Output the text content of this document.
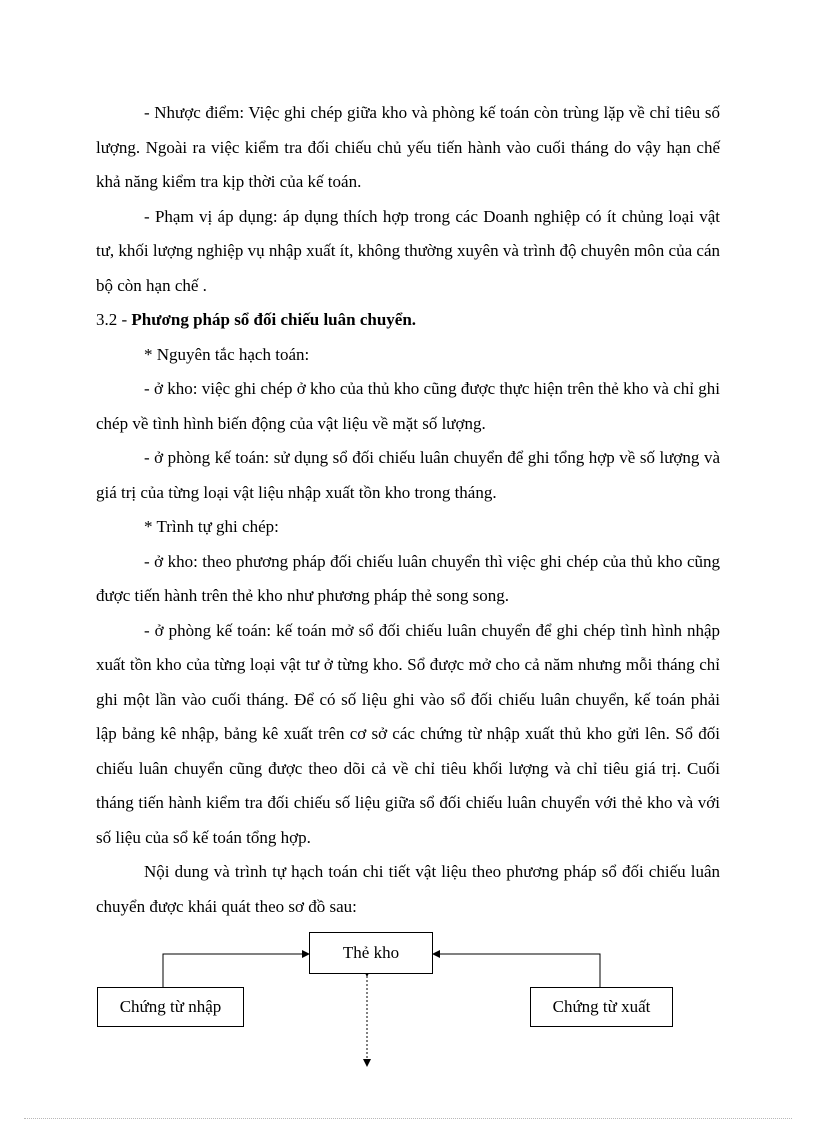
- Nhược điểm: Việc ghi chép giữa kho và phòng kế toán còn trùng lặp về chỉ tiêu số lượng. Ngoài ra việc kiểm tra đối chiếu chủ yếu tiến hành vào cuối tháng do vậy hạn chế khả năng kiểm tra kịp thời của kế toán.

- Phạm vị áp dụng: áp dụng thích hợp trong các Doanh nghiệp có ít chủng loại vật tư, khối lượng nghiệp vụ nhập xuất ít, không thường xuyên và trình độ chuyên môn của cán bộ còn hạn chế .

3.2 - Phương pháp sổ đối chiếu luân chuyển.

* Nguyên tắc hạch toán:

- ở kho: việc ghi chép ở kho của thủ kho cũng được thực hiện trên thẻ kho và chỉ ghi chép về tình hình biến động của vật liệu về mặt số lượng.

- ở phòng kế toán: sử dụng sổ đối chiếu luân chuyển để ghi tổng hợp về số lượng và giá trị của từng loại vật liệu nhập xuất tồn kho trong tháng.

* Trình tự ghi chép:

- ở kho: theo phương pháp đối chiếu luân chuyển thì việc ghi chép của thủ kho cũng được tiến hành trên thẻ kho như phương pháp thẻ song song.

- ở phòng kế toán: kế toán mở sổ đối chiếu luân chuyển để ghi chép tình hình nhập xuất tồn kho của từng loại vật tư ở từng kho. Sổ được mở cho cả năm nhưng mỗi tháng chỉ ghi một lần vào cuối tháng. Để có số liệu ghi vào sổ đối chiếu luân chuyển, kế toán phải lập bảng kê nhập, bảng kê xuất trên cơ sở các chứng từ nhập xuất thủ kho gửi lên. Sổ đối chiếu luân chuyển cũng được theo dõi cả về chỉ tiêu khối lượng và chỉ tiêu giá trị. Cuối tháng tiến hành kiểm tra đối chiếu số liệu giữa sổ đối chiếu luân chuyển với thẻ kho và với số liệu của sổ kế toán tổng hợp.

Nội dung và trình tự hạch toán chi tiết vật liệu theo phương pháp sổ đối chiếu luân chuyển được khái quát theo sơ đồ sau:

Thẻ kho
Chứng từ nhập	Chứng từ xuất
